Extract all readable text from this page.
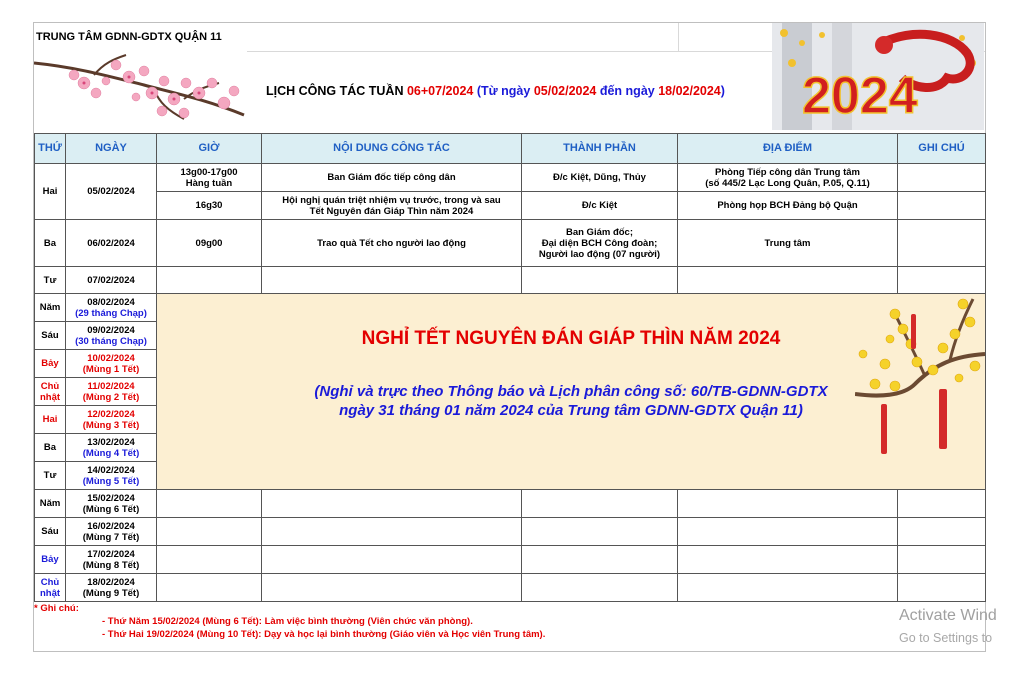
TRUNG TÂM GDNN-GDTX QUẬN 11
LỊCH CÔNG TÁC TUẦN 06+07/2024 (Từ ngày 05/02/2024 đến ngày 18/02/2024) 2024
THỨ	NGÀY	GIỜ	NỘI DUNG CÔNG TÁC	THÀNH PHẦN	ĐỊA ĐIỂM	GHI CHÚ
Hai	05/02/2024	13g00-17g00
Hàng tuần	Ban Giám đốc tiếp công dân	Đ/c Kiệt, Dũng, Thủy	Phòng Tiếp công dân Trung tâm
(số 445/2 Lạc Long Quân, P.05, Q.11)	
		16g30	Hội nghị quán triệt nhiệm vụ trước, trong và sau
Tết Nguyên đán Giáp Thìn năm 2024	Đ/c Kiệt	Phòng họp BCH Đảng bộ Quận	
Ba	06/02/2024	09g00	Trao quà Tết cho người lao động	Ban Giám đốc;
Đại diện BCH Công đoàn;
Người lao động (07 người)	Trung tâm	
Tư	07/02/2024					
Năm	08/02/2024
(29 tháng Chạp)	NGHỈ TẾT NGUYÊN ĐÁN GIÁP THÌN NĂM 2024
(Nghỉ và trực theo Thông báo và Lịch phân công số: 60/TB-GDNN-GDTX
ngày 31 tháng 01 năm 2024 của Trung tâm GDNN-GDTX Quận 11)				

Sáu	09/02/2024
(30 tháng Chạp)					
Bảy	10/02/2024
(Mùng 1 Tết)					
Chủ nhật	11/02/2024
(Mùng 2 Tết)					
Hai	12/02/2024
(Mùng 3 Tết)					
Ba	13/02/2024
(Mùng 4 Tết)					
Tư	14/02/2024
(Mùng 5 Tết)					
Năm	15/02/2024
(Mùng 6 Tết)					
Sáu	16/02/2024
(Mùng 7 Tết)					
Bảy	17/02/2024
(Mùng 8 Tết)					
Chủ nhật	18/02/2024
(Mùng 9 Tết)					
* Ghi chú:
- Thứ Năm 15/02/2024 (Mùng 6 Tết): Làm việc bình thường (Viên chức văn phòng).
- Thứ Hai 19/02/2024 (Mùng 10 Tết): Dạy và học lại bình thường (Giáo viên và Học viên Trung tâm).
Activate Wind
Go to Settings to
